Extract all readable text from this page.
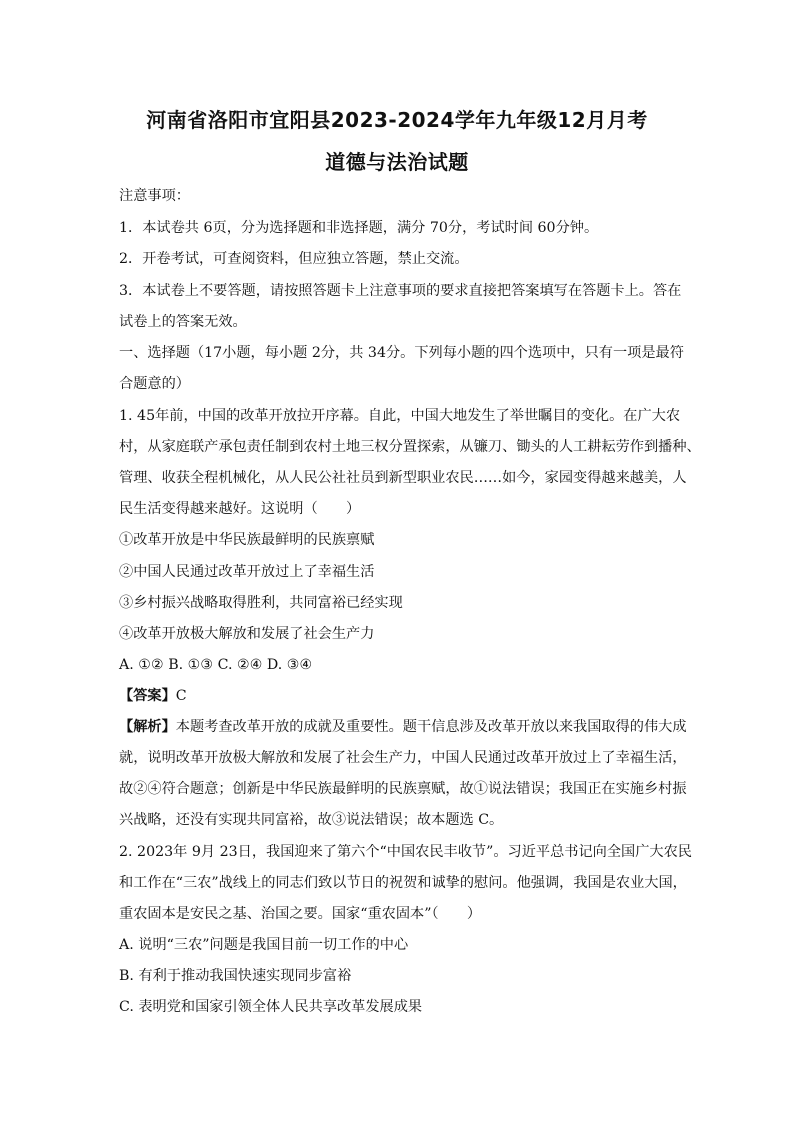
河南省洛阳市宜阳县2023-2024学年九年级12月月考
道德与法治试题
注意事项：
1．本试卷共 6页，分为选择题和非选择题，满分 70分，考试时间 60分钟。
2．开卷考试，可查阅资料，但应独立答题，禁止交流。
3．本试卷上不要答题，请按照答题卡上注意事项的要求直接把答案填写在答题卡上。答在
试卷上的答案无效。
一、选择题（17小题，每小题 2分，共 34分。下列每小题的四个选项中，只有一项是最符
合题意的）
1. 45年前，中国的改革开放拉开序幕。自此，中国大地发生了举世瞩目的变化。在广大农
村，从家庭联产承包责任制到农村土地三权分置探索，从镰刀、锄头的人工耕耘劳作到播种、
管理、收获全程机械化，从人民公社社员到新型职业农民……如今，家园变得越来越美，人
民生活变得越来越好。这说明（　　）
①改革开放是中华民族最鲜明的民族禀赋
②中国人民通过改革开放过上了幸福生活
③乡村振兴战略取得胜利，共同富裕已经实现
④改革开放极大解放和发展了社会生产力
A. ①② B. ①③ C. ②④ D. ③④
【答案】C
【解析】本题考查改革开放的成就及重要性。题干信息涉及改革开放以来我国取得的伟大成
就，说明改革开放极大解放和发展了社会生产力，中国人民通过改革开放过上了幸福生活，
故②④符合题意；创新是中华民族最鲜明的民族禀赋，故①说法错误；我国正在实施乡村振
兴战略，还没有实现共同富裕，故③说法错误；故本题选 C。
2. 2023年 9月 23日，我国迎来了第六个“中国农民丰收节”。习近平总书记向全国广大农民
和工作在“三农”战线上的同志们致以节日的祝贺和诚挚的慰问。他强调，我国是农业大国，
重农固本是安民之基、治国之要。国家“重农固本”（　　）
A. 说明“三农”问题是我国目前一切工作的中心
B. 有利于推动我国快速实现同步富裕
C. 表明党和国家引领全体人民共享改革发展成果
